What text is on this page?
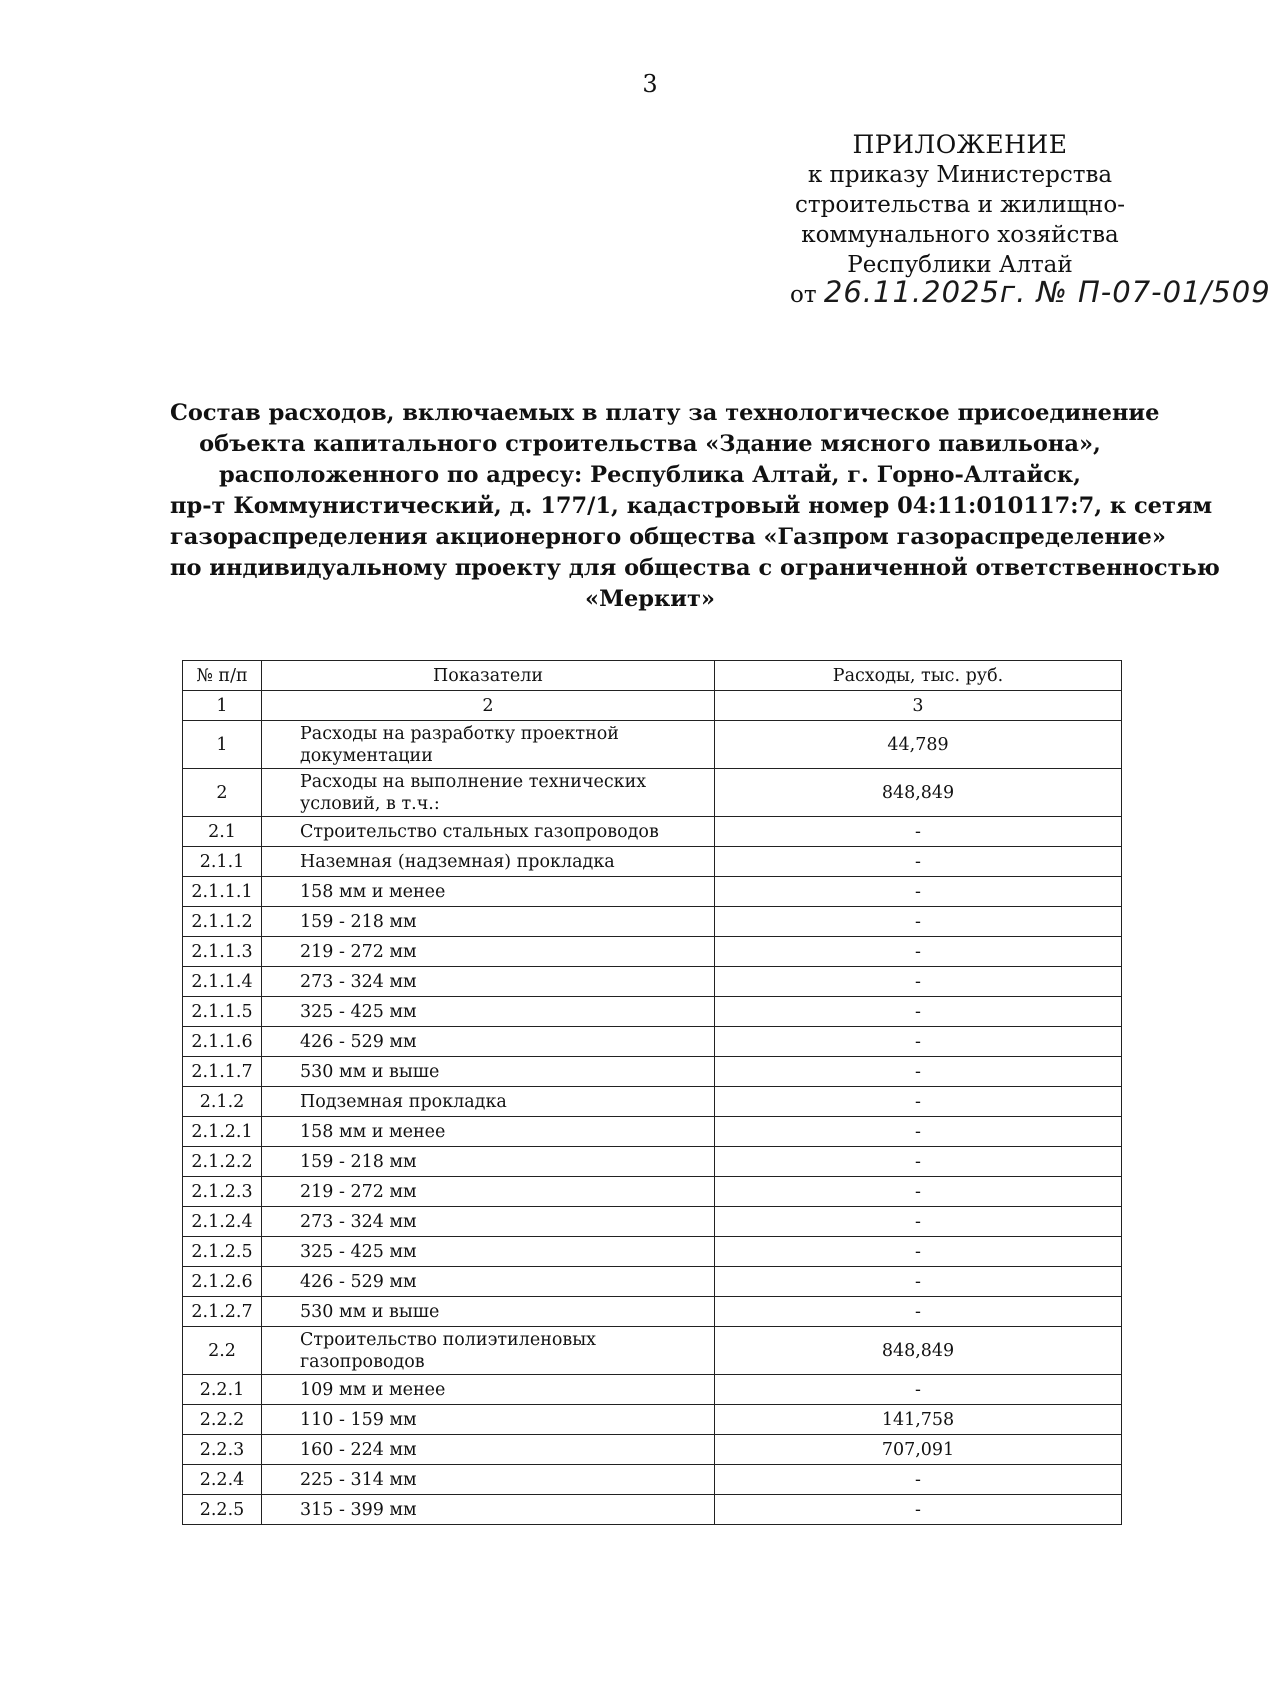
3
ПРИЛОЖЕНИЕ
к приказу Министерства
строительства и жилищно-
коммунального хозяйства
Республики Алтай
от 26.11.2025г. № П-07-01/509
Состав расходов, включаемых в плату за технологическое присоединение
объекта капитального строительства «Здание мясного павильона»,
расположенного по адресу: Республика Алтай, г. Горно-Алтайск,
пр-т Коммунистический, д. 177/1, кадастровый номер 04:11:010117:7, к сетям
газораспределения акционерного общества «Газпром газораспределение»
по индивидуальному проекту для общества с ограниченной ответственностью
«Меркит»
№ п/п	Показатели	Расходы, тыс. руб.
1	2	3
1	Расходы на разработку проектной документации	44,789
2	Расходы на выполнение технических условий, в т.ч.:	848,849
2.1	Строительство стальных газопроводов	-
2.1.1	Наземная (надземная) прокладка	-
2.1.1.1	158 мм и менее	-
2.1.1.2	159 - 218 мм	-
2.1.1.3	219 - 272 мм	-
2.1.1.4	273 - 324 мм	-
2.1.1.5	325 - 425 мм	-
2.1.1.6	426 - 529 мм	-
2.1.1.7	530 мм и выше	-
2.1.2	Подземная прокладка	-
2.1.2.1	158 мм и менее	-
2.1.2.2	159 - 218 мм	-
2.1.2.3	219 - 272 мм	-
2.1.2.4	273 - 324 мм	-
2.1.2.5	325 - 425 мм	-
2.1.2.6	426 - 529 мм	-
2.1.2.7	530 мм и выше	-
2.2	Строительство полиэтиленовых газопроводов	848,849
2.2.1	109 мм и менее	-
2.2.2	110 - 159 мм	141,758
2.2.3	160 - 224 мм	707,091
2.2.4	225 - 314 мм	-
2.2.5	315 - 399 мм	-
